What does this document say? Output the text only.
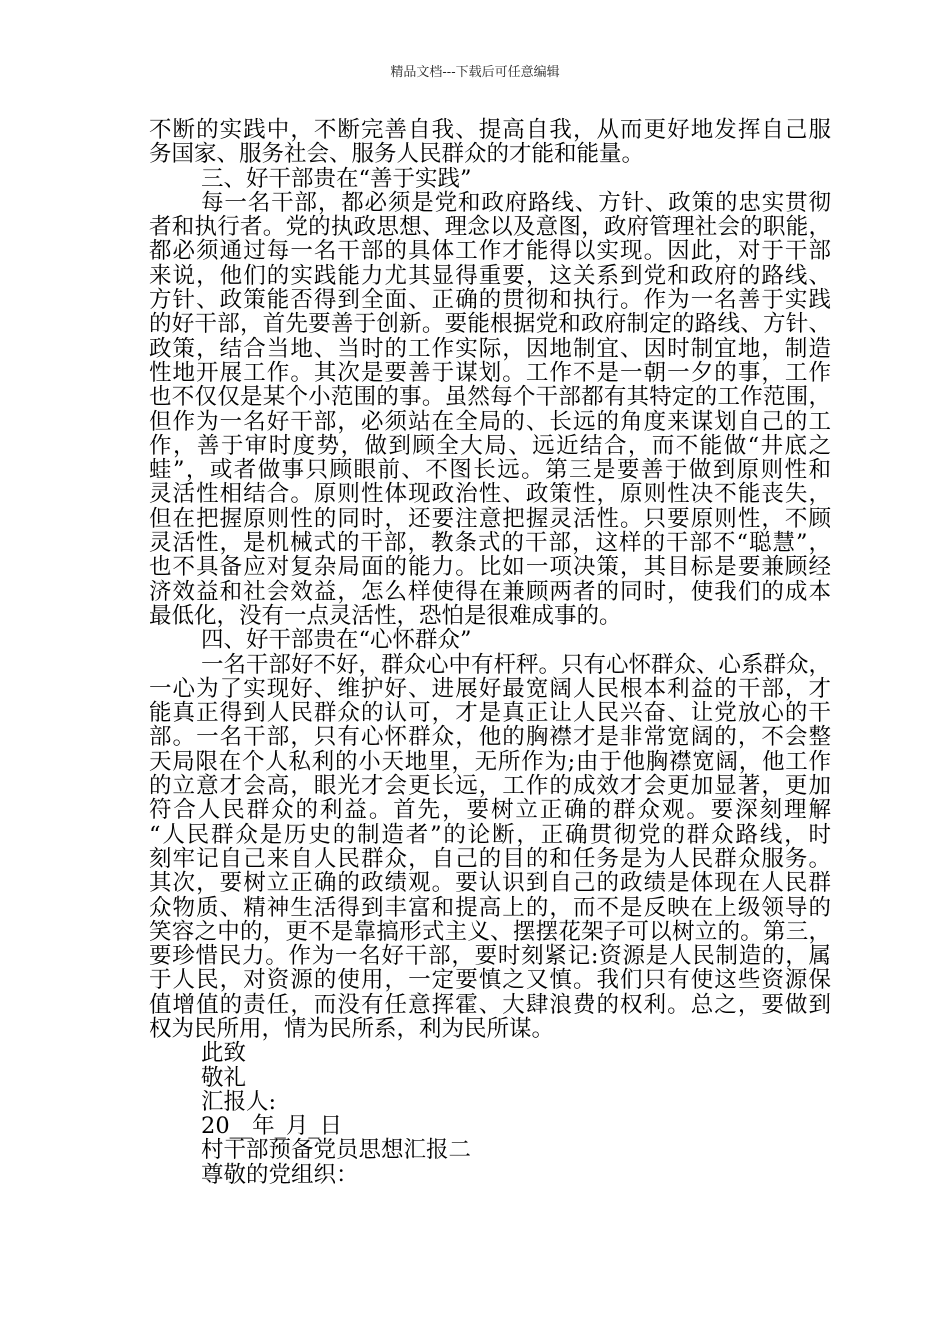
精品文档---下载后可任意编辑
不断的实践中，不断完善自我、提高自我，从而更好地发挥自己服
务国家、服务社会、服务人民群众的才能和能量。
三、好干部贵在“善于实践”
每一名干部，都必须是党和政府路线、方针、政策的忠实贯彻
者和执行者。党的执政思想、理念以及意图，政府管理社会的职能，
都必须通过每一名干部的具体工作才能得以实现。因此，对于干部
来说，他们的实践能力尤其显得重要，这关系到党和政府的路线、
方针、政策能否得到全面、正确的贯彻和执行。作为一名善于实践
的好干部，首先要善于创新。要能根据党和政府制定的路线、方针、
政策，结合当地、当时的工作实际，因地制宜、因时制宜地，制造
性地开展工作。其次是要善于谋划。工作不是一朝一夕的事，工作
也不仅仅是某个小范围的事。虽然每个干部都有其特定的工作范围，
但作为一名好干部，必须站在全局的、长远的角度来谋划自己的工
作，善于审时度势，做到顾全大局、远近结合，而不能做“井底之
蛙”，或者做事只顾眼前、不图长远。第三是要善于做到原则性和
灵活性相结合。原则性体现政治性、政策性，原则性决不能丧失，
但在把握原则性的同时，还要注意把握灵活性。只要原则性，不顾
灵活性，是机械式的干部，教条式的干部，这样的干部不“聪慧”，
也不具备应对复杂局面的能力。比如一项决策，其目标是要兼顾经
济效益和社会效益，怎么样使得在兼顾两者的同时，使我们的成本
最低化，没有一点灵活性，恐怕是很难成事的。
四、好干部贵在“心怀群众”
一名干部好不好，群众心中有杆秤。只有心怀群众、心系群众，
一心为了实现好、维护好、进展好最宽阔人民根本利益的干部，才
能真正得到人民群众的认可，才是真正让人民兴奋、让党放心的干
部。一名干部，只有心怀群众，他的胸襟才是非常宽阔的，不会整
天局限在个人私利的小天地里，无所作为;由于他胸襟宽阔，他工作
的立意才会高，眼光才会更长远，工作的成效才会更加显著，更加
符合人民群众的利益。首先，要树立正确的群众观。要深刻理解
“人民群众是历史的制造者”的论断，正确贯彻党的群众路线，时
刻牢记自己来自人民群众，自己的目的和任务是为人民群众服务。
其次，要树立正确的政绩观。要认识到自己的政绩是体现在人民群
众物质、精神生活得到丰富和提高上的，而不是反映在上级领导的
笑容之中的，更不是靠搞形式主义、摆摆花架子可以树立的。第三，
要珍惜民力。作为一名好干部，要时刻紧记:资源是人民制造的，属
于人民，对资源的使用，一定要慎之又慎。我们只有使这些资源保
值增值的责任，而没有任意挥霍、大肆浪费的权利。总之，要做到
权为民所用，情为民所系，利为民所谋。
此致
敬礼
汇报人:
20__年_月_日
村干部预备党员思想汇报二
尊敬的党组织：
